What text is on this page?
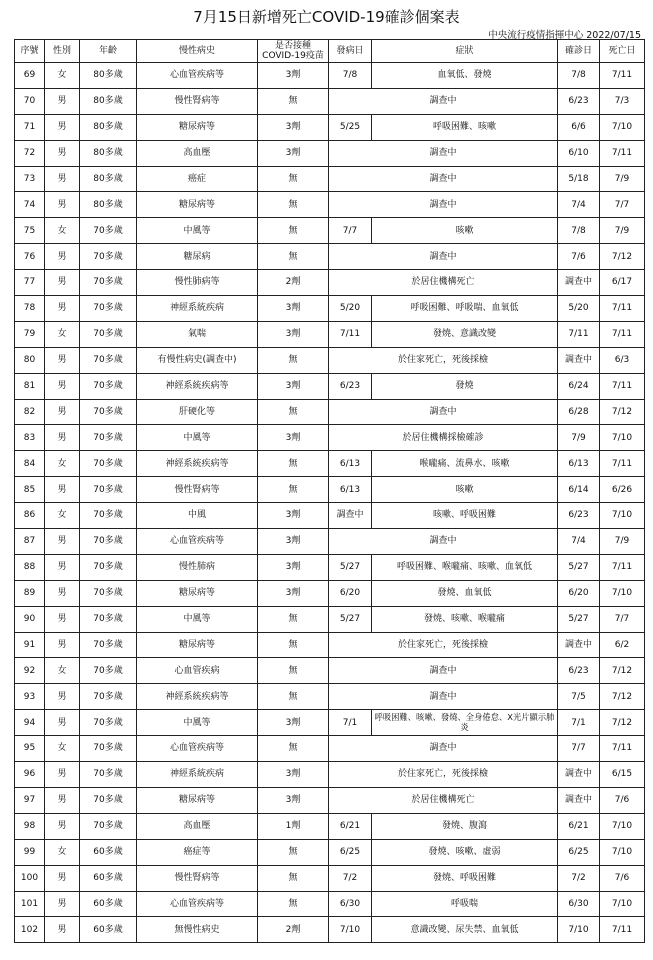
7月15日新增死亡COVID-19確診個案表
中央流行疫情指揮中心 2022/07/15
序號	性別	年齡	慢性病史	是否接種COVID-19疫苗	發病日	症狀	確診日	死亡日
69	女	80多歲	心血管疾病等	3劑	7/8	血氧低、發燒	7/8	7/11
70	男	80多歲	慢性腎病等	無	調查中		6/23	7/3
71	男	80多歲	糖尿病等	3劑	5/25	呼吸困難、咳嗽	6/6	7/10
72	男	80多歲	高血壓	3劑	調查中		6/10	7/11
73	男	80多歲	癌症	無	調查中		5/18	7/9
74	男	80多歲	糖尿病等	無	調查中		7/4	7/7
75	女	70多歲	中風等	無	7/7	咳嗽	7/8	7/9
76	男	70多歲	糖尿病	無	調查中		7/6	7/12
77	男	70多歲	慢性肺病等	2劑	於居住機構死亡		調查中	6/17
78	男	70多歲	神經系統疾病	3劑	5/20	呼吸困難、呼吸喘、血氧低	5/20	7/11
79	女	70多歲	氣喘	3劑	7/11	發燒、意識改變	7/11	7/11
80	男	70多歲	有慢性病史(調查中)	無	於住家死亡，死後採檢		調查中	6/3
81	男	70多歲	神經系統疾病等	3劑	6/23	發燒	6/24	7/11
82	男	70多歲	肝硬化等	無	調查中		6/28	7/12
83	男	70多歲	中風等	3劑	於居住機構採檢確診		7/9	7/10
84	女	70多歲	神經系統疾病等	無	6/13	喉嚨痛、流鼻水、咳嗽	6/13	7/11
85	男	70多歲	慢性腎病等	無	6/13	咳嗽	6/14	6/26
86	女	70多歲	中風	3劑	調查中	咳嗽、呼吸困難	6/23	7/10
87	男	70多歲	心血管疾病等	3劑	調查中		7/4	7/9
88	男	70多歲	慢性肺病	3劑	5/27	呼吸困難、喉嚨痛、咳嗽、血氧低	5/27	7/11
89	男	70多歲	糖尿病等	3劑	6/20	發燒、血氧低	6/20	7/10
90	男	70多歲	中風等	無	5/27	發燒、咳嗽、喉嚨痛	5/27	7/7
91	男	70多歲	糖尿病等	無	於住家死亡，死後採檢		調查中	6/2
92	女	70多歲	心血管疾病	無	調查中		6/23	7/12
93	男	70多歲	神經系統疾病等	無	調查中		7/5	7/12
94	男	70多歲	中風等	3劑	7/1	呼吸困難、咳嗽、發燒、全身倦怠、X光片顯示肺炎	7/1	7/12
95	女	70多歲	心血管疾病等	無	調查中		7/7	7/11
96	男	70多歲	神經系統疾病	3劑	於住家死亡，死後採檢		調查中	6/15
97	男	70多歲	糖尿病等	3劑	於居住機構死亡		調查中	7/6
98	男	70多歲	高血壓	1劑	6/21	發燒、腹瀉	6/21	7/10
99	女	60多歲	癌症等	無	6/25	發燒、咳嗽、虛弱	6/25	7/10
100	男	60多歲	慢性腎病等	無	7/2	發燒、呼吸困難	7/2	7/6
101	男	60多歲	心血管疾病等	無	6/30	呼吸喘	6/30	7/10
102	男	60多歲	無慢性病史	2劑	7/10	意識改變、尿失禁、血氧低	7/10	7/11
